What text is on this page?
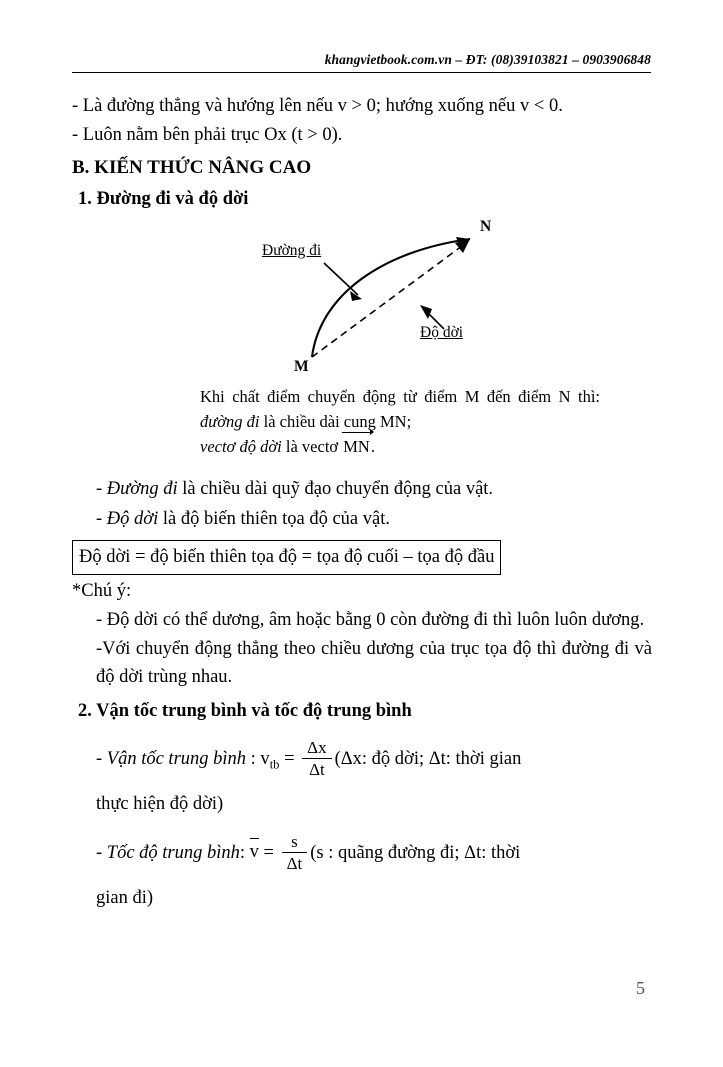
khangvietbook.com.vn – ĐT: (08)39103821 – 0903906848
- Là đường thẳng và hướng lên nếu v > 0; hướng xuống nếu v < 0.
- Luôn nằm bên phải trục Ox (t > 0).
B. KIẾN THỨC NÂNG CAO
1. Đường đi và độ dời
Đường đi
Độ dời
M
N
Khi chất điểm chuyển động từ điểm M đến điểm N thì: đường đi là chiều dài cung MN;
vectơ độ dời là vectơ MN.
- Đường đi là chiều dài quỹ đạo chuyển động của vật.
- Độ dời là độ biến thiên tọa độ của vật.
Độ dời = độ biến thiên tọa độ = tọa độ cuối – tọa độ đầu
*Chú ý:
- Độ dời có thể dương, âm hoặc bằng 0 còn đường đi thì luôn luôn dương.
-Với chuyển động thẳng theo chiều dương của trục tọa độ thì đường đi và độ dời trùng nhau.
2. Vận tốc trung bình và tốc độ trung bình
- Vận tốc trung bình : $v_{tb} = \frac{\Delta x}{\Delta t} (\Delta x$: độ dời; Δt: thời gian
thực hiện độ dời)
- Tốc độ trung bình: $v = \frac{s}{\Delta t} (s$ : quãng đường đi; Δt: thời
gian đi)
5
